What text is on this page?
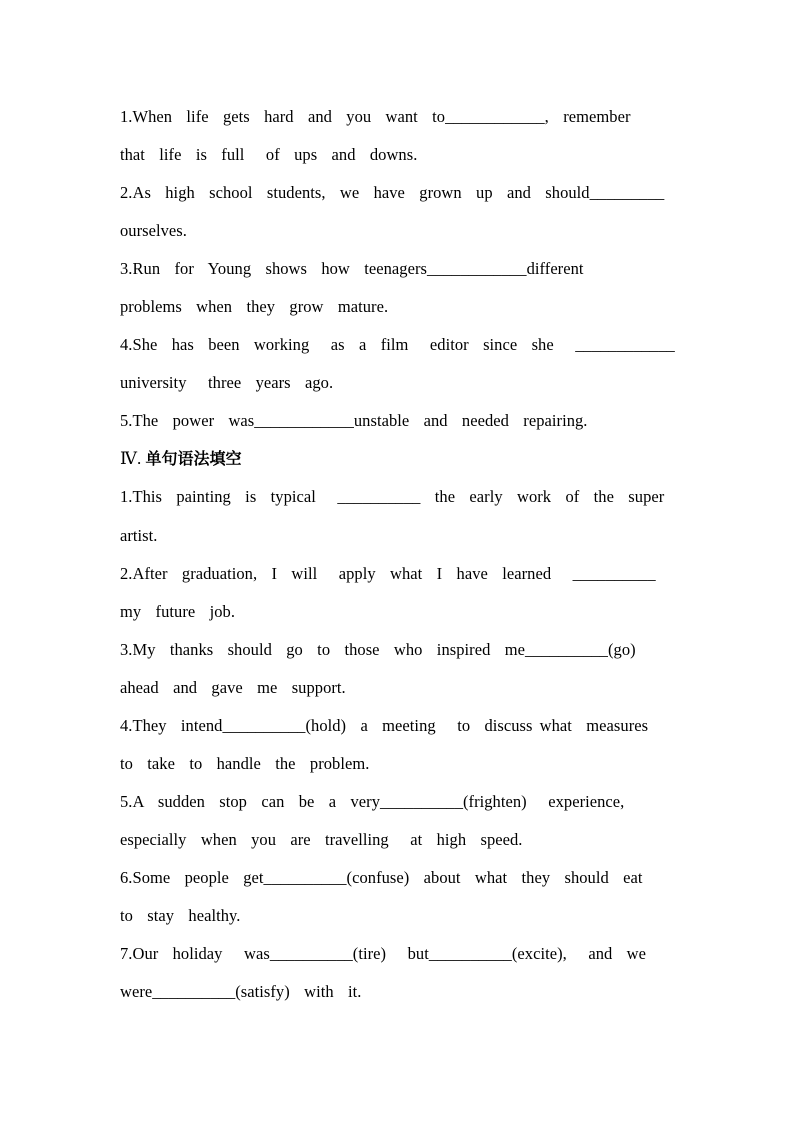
1.When  life  gets  hard  and  you  want  to____________,  remember
that  life  is  full   of  ups  and  downs.
2.As  high  school  students,  we  have  grown  up  and  should_________
ourselves.
3.Run  for  Young  shows  how  teenagers____________different
problems  when  they  grow  mature.
4.She  has  been  working   as  a  film   editor  since  she   ____________
university   three  years  ago.
5.The  power  was____________unstable  and  needed  repairing.
Ⅳ. 单句语法填空
1.This  painting  is  typical   __________  the  early  work  of  the  super
artist.
2.After  graduation,  I  will   apply  what  I  have  learned   __________
my  future  job.
3.My  thanks  should  go  to  those  who  inspired  me__________(go)
ahead  and  gave  me  support.
4.They  intend__________(hold)  a  meeting   to  discuss what  measures
to  take  to  handle  the  problem.
5.A  sudden  stop  can  be  a  very__________(frighten)   experience,
especially  when  you  are  travelling   at  high  speed.
6.Some  people  get__________(confuse)  about  what  they  should  eat
to  stay  healthy.
7.Our  holiday   was__________(tire)   but__________(excite),   and  we
were__________(satisfy)  with  it.
